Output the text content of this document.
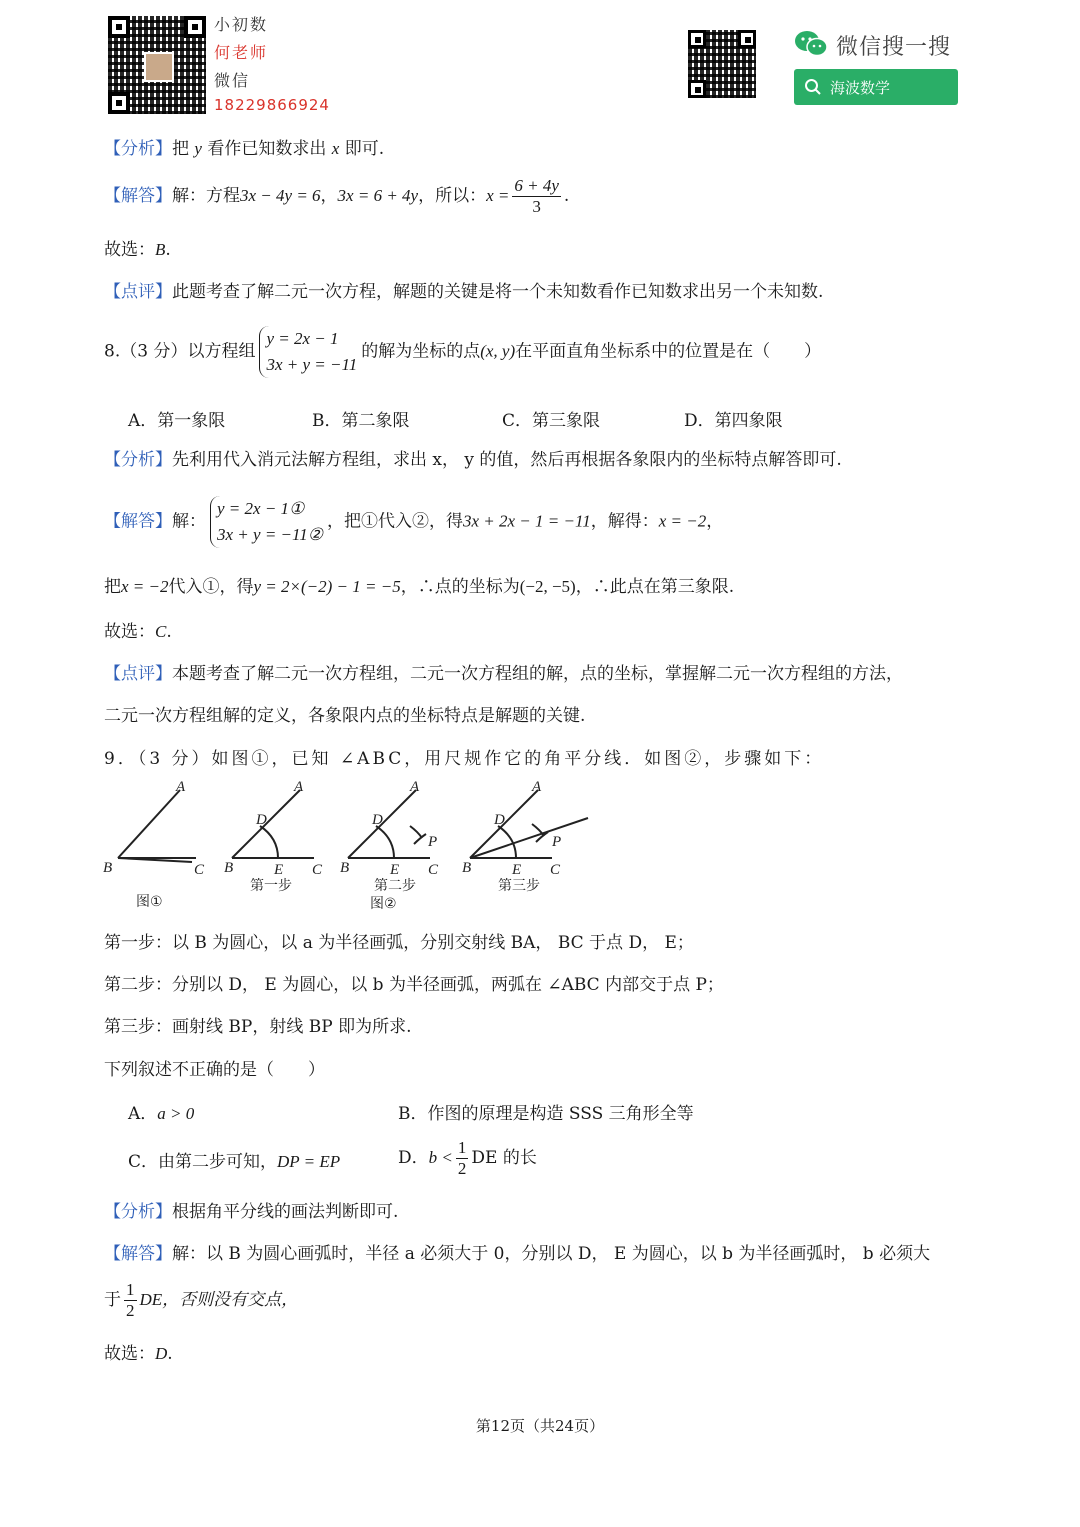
小初数
何老师
微信
18229866924
微信搜一搜
海波数学
【分析】把 y 看作已知数求出 x 即可.
【解答】解：方程3x − 4y = 6，3x = 6 + 4y，所以：$x = \frac{6 + 4y}{3}$ .
故选：B.
【点评】此题考查了解二元一次方程，解题的关键是将一个未知数看作已知数求出另一个未知数.
8.（3 分）以方程组
y = 2x − 1
3x + y = −11
的解为坐标的点(x, y)在平面直角坐标系中的位置是在（　　）
A．第一象限	B．第二象限	C．第三象限	D．第四象限
【分析】先利用代入消元法解方程组，求出 x， y 的值，然后再根据各象限内的坐标特点解答即可.
【解答】解：
y = 2x − 1①
3x + y = −11②
，把①代入②，得3x + 2x − 1 = −11，解得：x = −2，
把x = −2代入①，得y = 2×(−2) − 1 = −5，∴点的坐标为(−2, −5)，∴此点在第三象限.
故选：C.
【点评】本题考查了解二元一次方程组，二元一次方程组的解，点的坐标，掌握解二元一次方程组的方法，
二元一次方程组解的定义，各象限内点的坐标特点是解题的关键.
9．（3 分）如图①，已知 ∠ABC，用尺规作它的角平分线．如图②，步骤如下：
A
B	C
A
D
B	E C
A
D
P
B	E C
A
D
P
B	E C
图①
第一步	第二步
图②
第三步
第一步：以 B 为圆心，以 a 为半径画弧，分别交射线 BA， BC 于点 D， E；
第二步：分别以 D， E 为圆心，以 b 为半径画弧，两弧在 ∠ABC 内部交于点 P；
第三步：画射线 BP，射线 BP 即为所求.
下列叙述不正确的是（　　）
A．a > 0	B．作图的原理是构造 SSS 三角形全等
C．由第二步可知，DP = EP	D．$b < \frac{1}{2}$ DE 的长
【分析】根据角平分线的画法判断即可.
【解答】解：以 B 为圆心画弧时，半径 a 必须大于 0，分别以 D， E 为圆心，以 b 为半径画弧时， b 必须大
于 $\frac{1}{2}$ DE，否则没有交点，
故选：D.
第12页（共24页）
